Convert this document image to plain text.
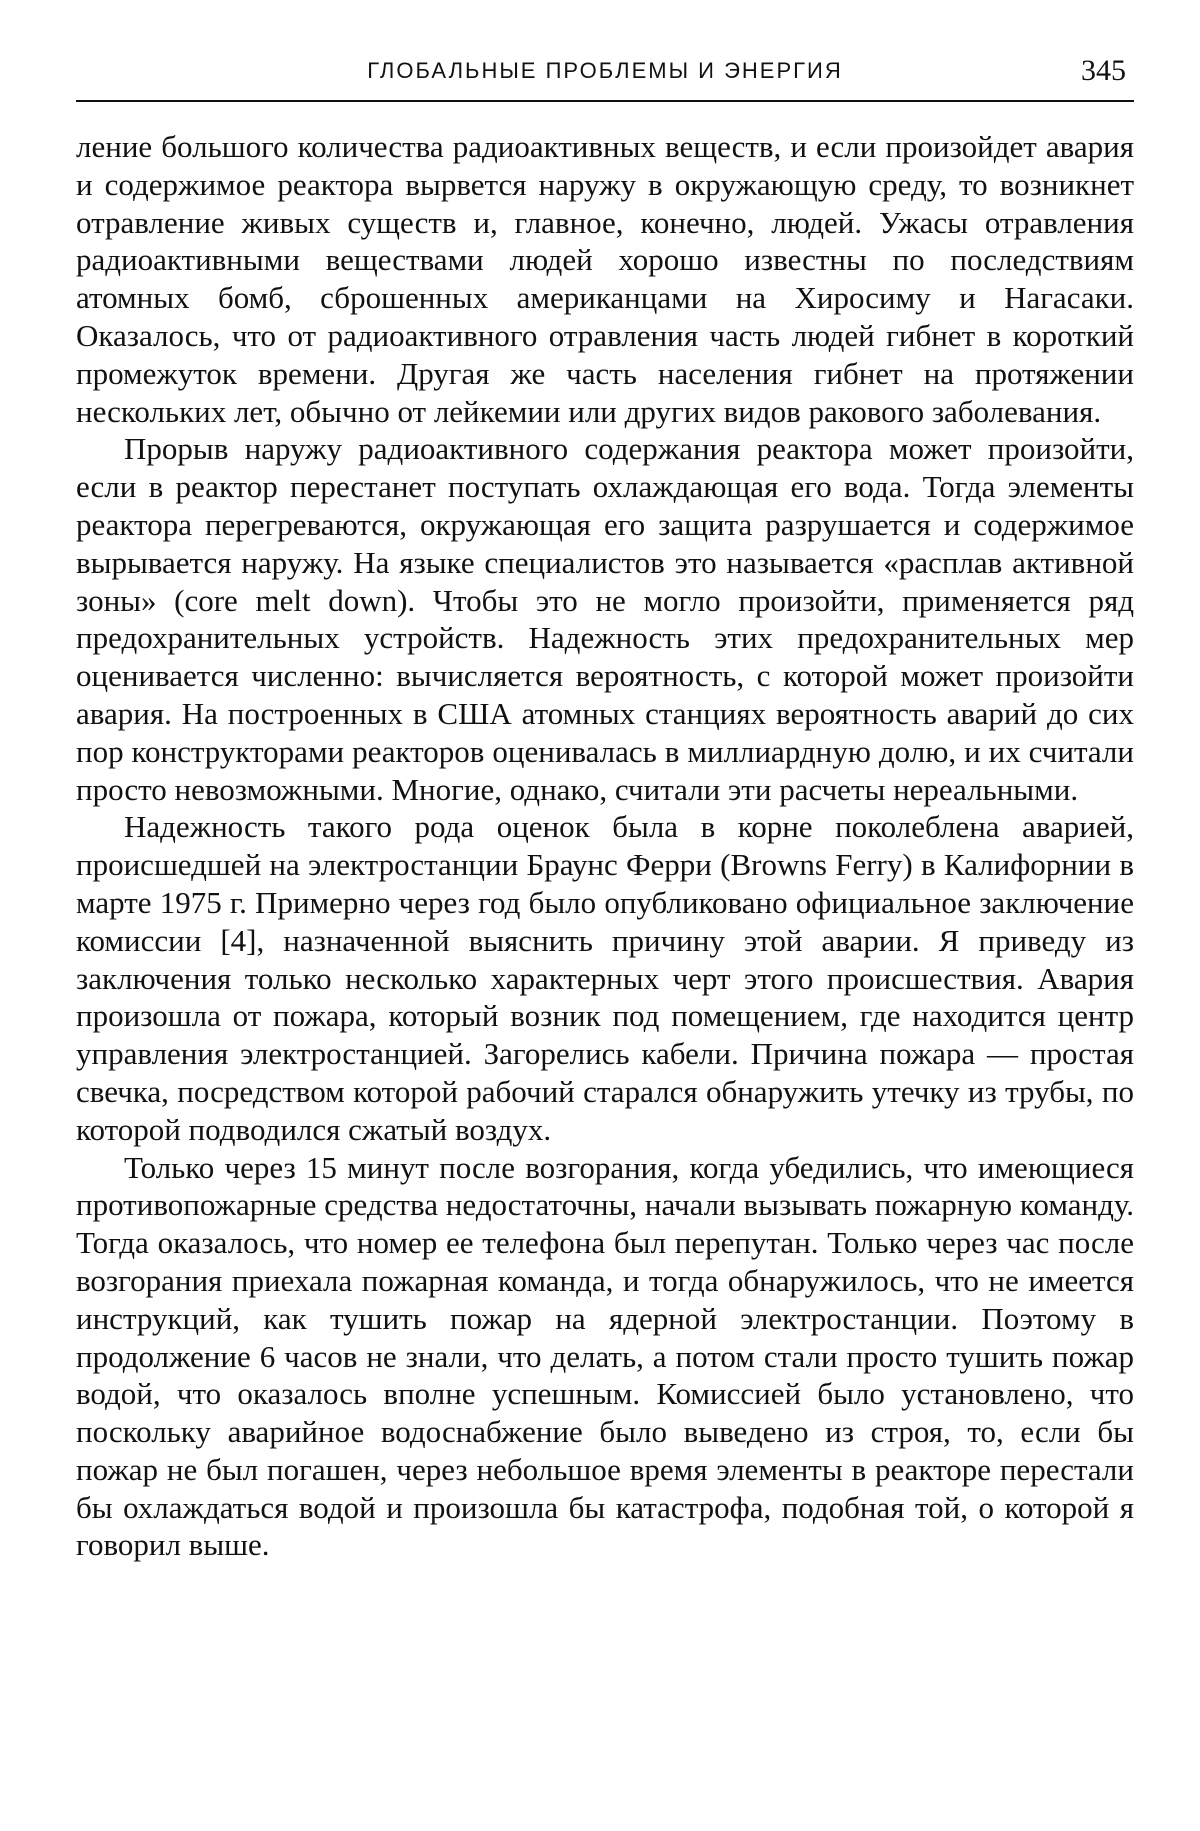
ГЛОБАЛЬНЫЕ ПРОБЛЕМЫ И ЭНЕРГИЯ	345

ление большого количества радиоактивных веществ, и если произойдет авария и содержимое реактора вырвется наружу в окружающую среду, то возникнет отравление живых существ и, главное, конечно, людей. Ужасы отравления радиоактивными веществами людей хорошо известны по последствиям атомных бомб, сброшенных американцами на Хиросиму и Нагасаки. Оказалось, что от радиоактивного отравления часть людей гибнет в короткий промежуток времени. Другая же часть населения гибнет на протяжении нескольких лет, обычно от лейкемии или других видов ракового заболевания.

Прорыв наружу радиоактивного содержания реактора может произойти, если в реактор перестанет поступать охлаждающая его вода. Тогда элементы реактора перегреваются, окружающая его защита разрушается и содержимое вырывается наружу. На языке специалистов это называется «расплав активной зоны» (core melt down). Чтобы это не могло произойти, применяется ряд предохранительных устройств. Надежность этих предохранительных мер оценивается численно: вычисляется вероятность, с которой может произойти авария. На построенных в США атомных станциях вероятность аварий до сих пор конструкторами реакторов оценивалась в миллиардную долю, и их считали просто невозможными. Многие, однако, считали эти расчеты нереальными.

Надежность такого рода оценок была в корне поколеблена аварией, происшедшей на электростанции Браунс Ферри (Browns Ferry) в Калифорнии в марте 1975 г. Примерно через год было опубликовано официальное заключение комиссии [4], назначенной выяснить причину этой аварии. Я приведу из заключения только несколько характерных черт этого происшествия. Авария произошла от пожара, который возник под помещением, где находится центр управления электростанцией. Загорелись кабели. Причина пожара — простая свечка, посредством которой рабочий старался обнаружить утечку из трубы, по которой подводился сжатый воздух.

Только через 15 минут после возгорания, когда убедились, что имеющиеся противопожарные средства недостаточны, начали вызывать пожарную команду. Тогда оказалось, что номер ее телефона был перепутан. Только через час после возгорания приехала пожарная команда, и тогда обнаружилось, что не имеется инструкций, как тушить пожар на ядерной электростанции. Поэтому в продолжение 6 часов не знали, что делать, а потом стали просто тушить пожар водой, что оказалось вполне успешным. Комиссией было установлено, что поскольку аварийное водоснабжение было выведено из строя, то, если бы пожар не был погашен, через небольшое время элементы в реакторе перестали бы охлаждаться водой и произошла бы катастрофа, подобная той, о которой я говорил выше.
